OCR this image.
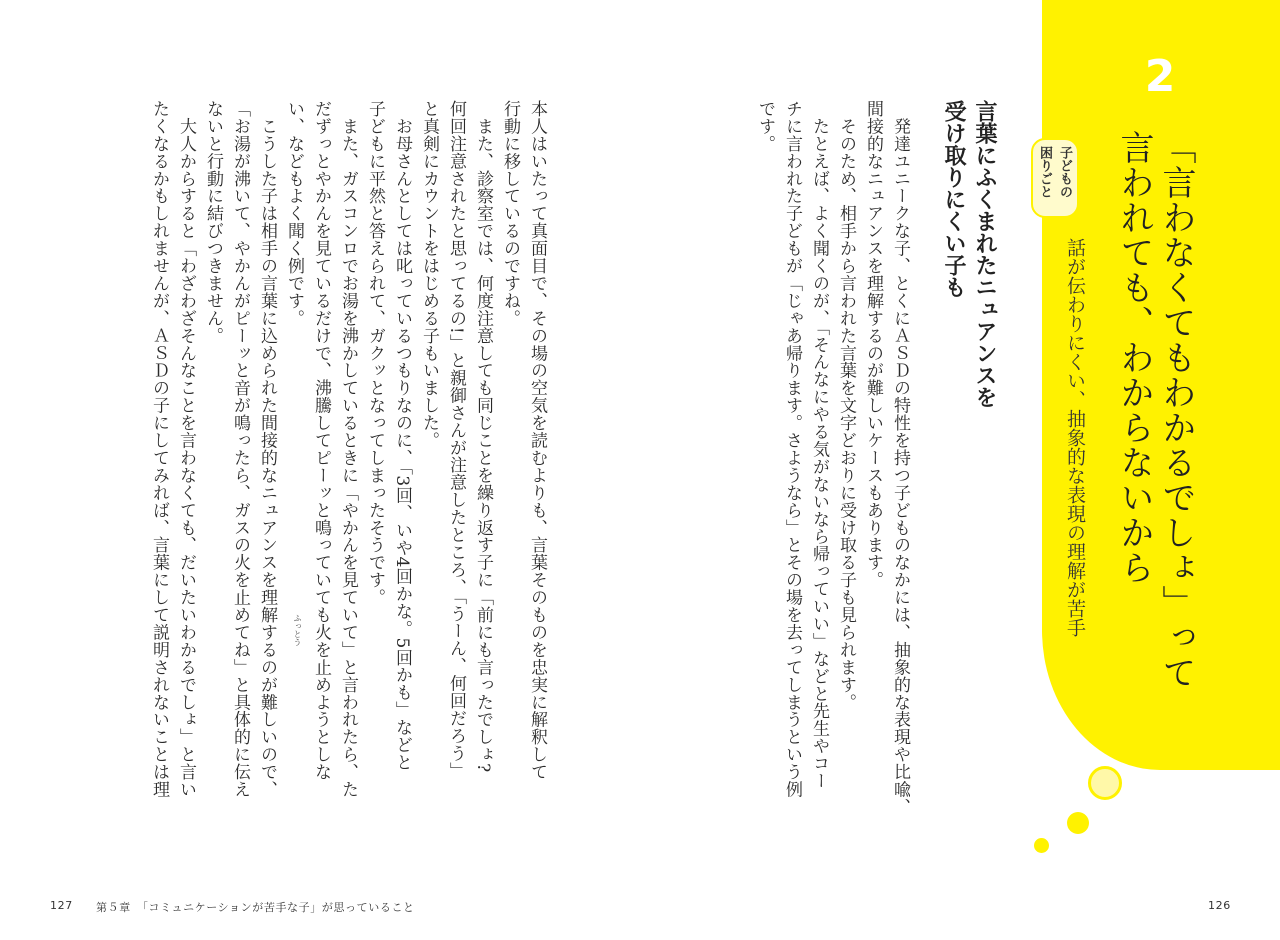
2
「言わなくてもわかるでしょ」って
言われても、わからないから
話が伝わりにくい、抽象的な表現の理解が苦手
子どもの
困りごと
言葉にふくまれたニュアンスを
受け取りにくい子も
　発達ユニークな子、とくにＡＳＤの特性を持つ子どものなかには、抽象的な表現や比喩、
間接的なニュアンスを理解するのが難しいケースもあります。
　そのため、相手から言われた言葉を文字どおりに受け取る子も見られます。
　たとえば、よく聞くのが、「そんなにやる気がないなら帰っていい」などと先生やコー
チに言われた子どもが「じゃあ帰ります。さようなら」とその場を去ってしまうという例
です。
本人はいたって真面目で、その場の空気を読むよりも、言葉そのものを忠実に解釈して
行動に移しているのですね。
　また、診察室では、何度注意しても同じことを繰り返す子に「前にも言ったでしょ?
何回注意されたと思ってるの!」と親御さんが注意したところ、「うーん、何回だろう」
と真剣にカウントをはじめる子もいました。
　お母さんとしては叱っているつもりなのに、「3回、いや4回かな。5回かも」などと
子どもに平然と答えられて、ガクッとなってしまったそうです。
　また、ガスコンロでお湯を沸かしているときに「やかんを見ていて」と言われたら、た
だずっとやかんを見ているだけで、沸騰してピーッと鳴っていても火を止めようとしな
い、などもよく聞く例です。
　こうした子は相手の言葉に込められた間接的なニュアンスを理解するのが難しいので、
「お湯が沸いて、やかんがピーッと音が鳴ったら、ガスの火を止めてね」と具体的に伝え
ないと行動に結びつきません。
　大人からすると「わざわざそんなことを言わなくても、だいたいわかるでしょ」と言い
たくなるかもしれませんが、ＡＳＤの子にしてみれば、言葉にして説明されないことは理	ふっとう
127 第５章　「コミュニケーションが苦手な子」が思っていること	126
